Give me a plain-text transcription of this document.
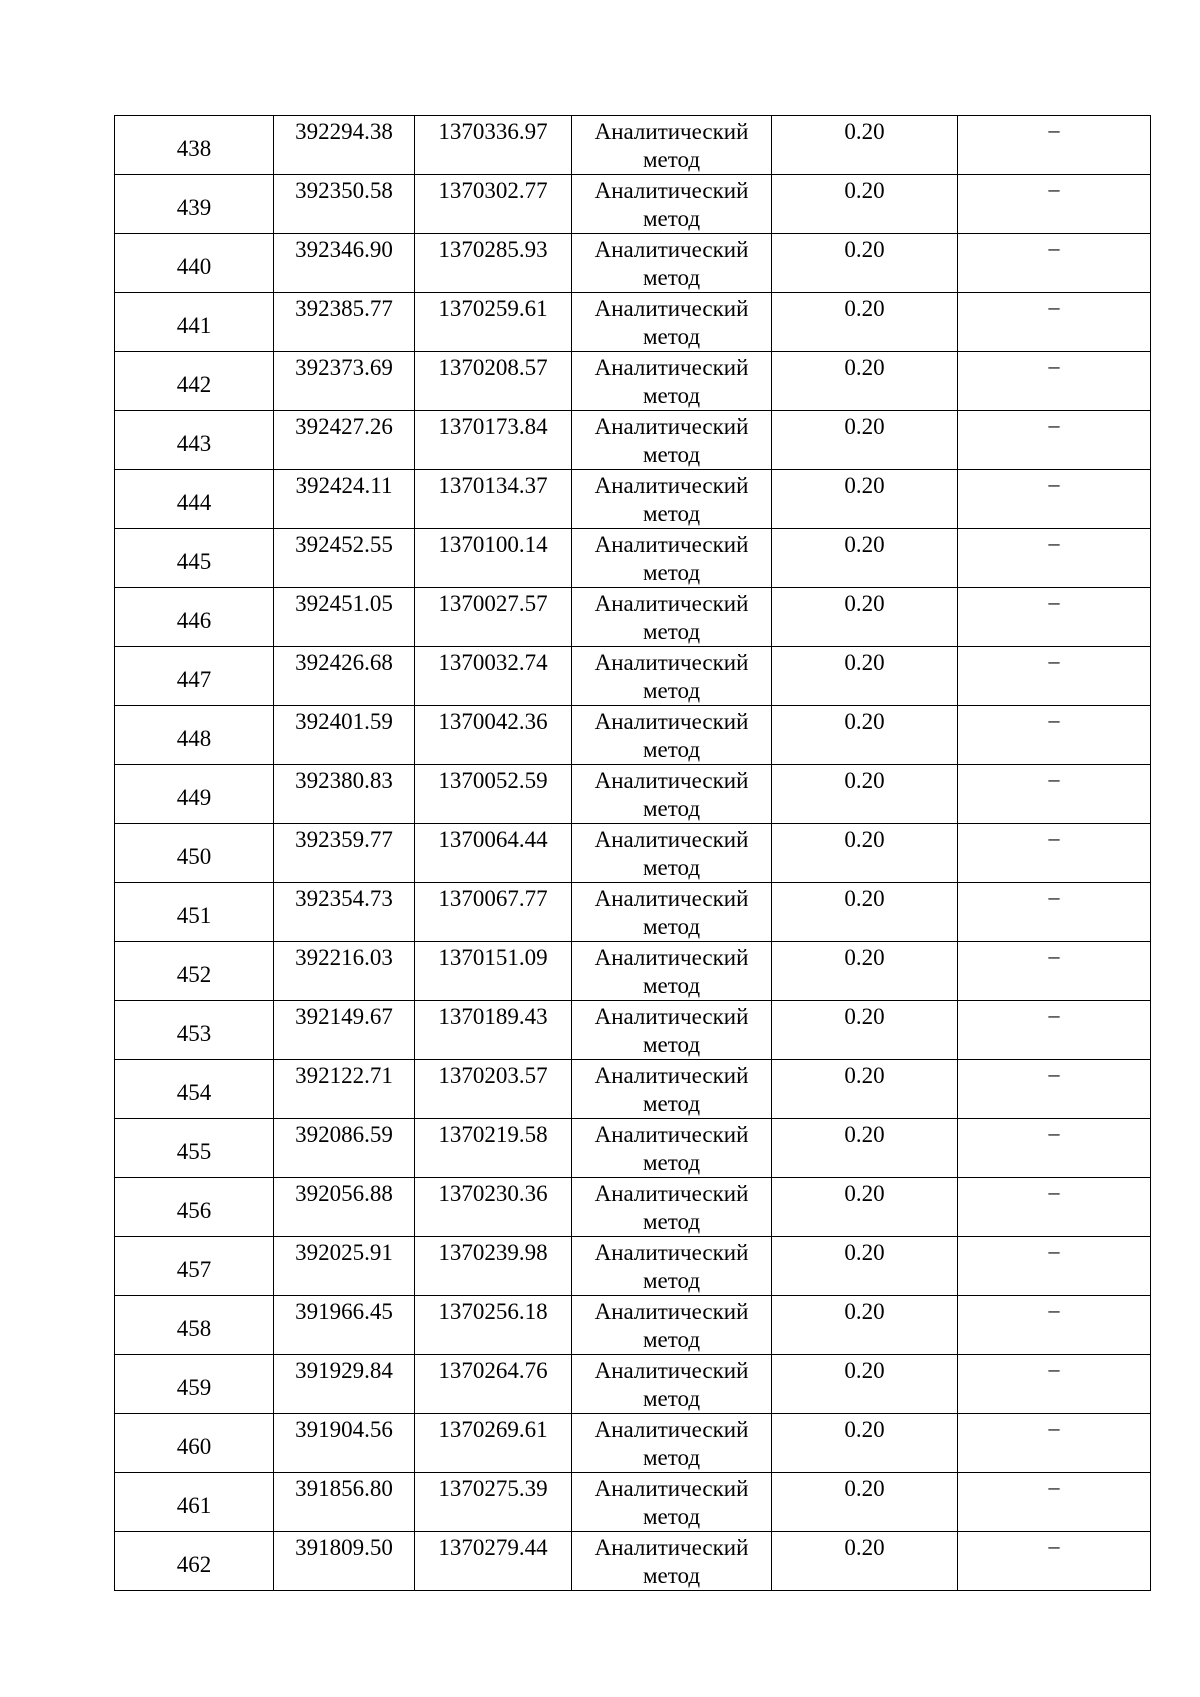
438	392294.38	1370336.97	Аналитический метод	0.20	–
439	392350.58	1370302.77	Аналитический метод	0.20	–
440	392346.90	1370285.93	Аналитический метод	0.20	–
441	392385.77	1370259.61	Аналитический метод	0.20	–
442	392373.69	1370208.57	Аналитический метод	0.20	–
443	392427.26	1370173.84	Аналитический метод	0.20	–
444	392424.11	1370134.37	Аналитический метод	0.20	–
445	392452.55	1370100.14	Аналитический метод	0.20	–
446	392451.05	1370027.57	Аналитический метод	0.20	–
447	392426.68	1370032.74	Аналитический метод	0.20	–
448	392401.59	1370042.36	Аналитический метод	0.20	–
449	392380.83	1370052.59	Аналитический метод	0.20	–
450	392359.77	1370064.44	Аналитический метод	0.20	–
451	392354.73	1370067.77	Аналитический метод	0.20	–
452	392216.03	1370151.09	Аналитический метод	0.20	–
453	392149.67	1370189.43	Аналитический метод	0.20	–
454	392122.71	1370203.57	Аналитический метод	0.20	–
455	392086.59	1370219.58	Аналитический метод	0.20	–
456	392056.88	1370230.36	Аналитический метод	0.20	–
457	392025.91	1370239.98	Аналитический метод	0.20	–
458	391966.45	1370256.18	Аналитический метод	0.20	–
459	391929.84	1370264.76	Аналитический метод	0.20	–
460	391904.56	1370269.61	Аналитический метод	0.20	–
461	391856.80	1370275.39	Аналитический метод	0.20	–
462	391809.50	1370279.44	Аналитический метод	0.20	–
